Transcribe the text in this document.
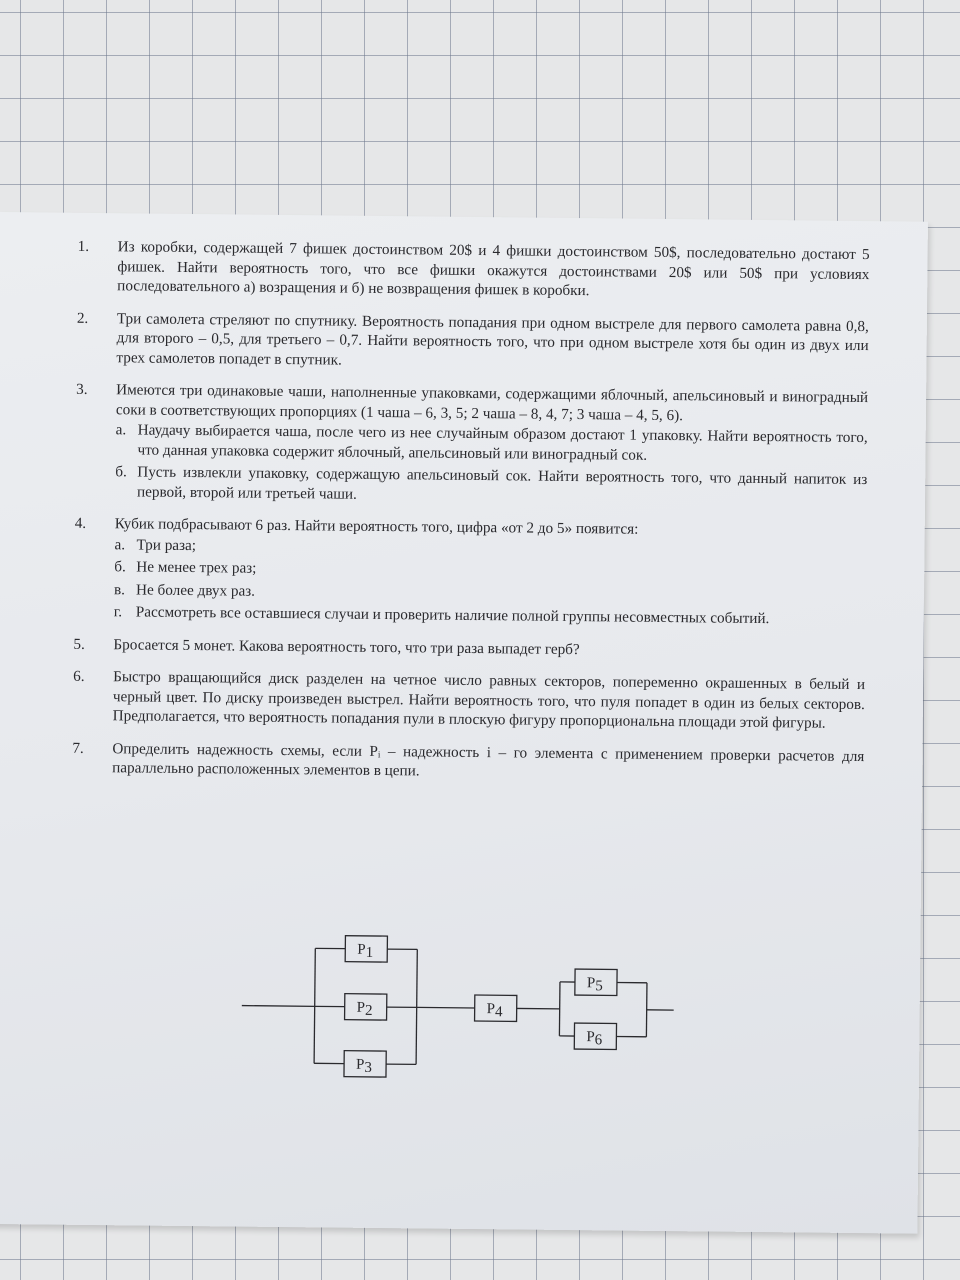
1. Из коробки, содержащей 7 фишек достоинством 20$ и 4 фишки достоинством 50$, последовательно достают 5 фишек. Найти вероятность того, что все фишки окажутся достоинствами 20$ или 50$ при условиях последовательного а) возращения и б) не возвращения фишек в коробки.
2. Три самолета стреляют по спутнику. Вероятность попадания при одном выстреле для первого самолета равна 0,8, для второго – 0,5, для третьего – 0,7. Найти вероятность того, что при одном выстреле хотя бы один из двух или трех самолетов попадет в спутник.
3. Имеются три одинаковые чаши, наполненные упаковками, содержащими яблочный, апельсиновый и виноградный соки в соответствующих пропорциях (1 чаша – 6, 3, 5; 2 чаша – 8, 4, 7; 3 чаша – 4, 5, 6).
а. Наудачу выбирается чаша, после чего из нее случайным образом достают 1 упаковку. Найти вероятность того, что данная упаковка содержит яблочный, апельсиновый или виноградный сок.
б. Пусть извлекли упаковку, содержащую апельсиновый сок. Найти вероятность того, что данный напиток из первой, второй или третьей чаши.
4. Кубик подбрасывают 6 раз. Найти вероятность того, цифра «от 2 до 5» появится:
а. Три раза;
б. Не менее трех раз;
в. Не более двух раз.
г. Рассмотреть все оставшиеся случаи и проверить наличие полной группы несовместных событий.
5. Бросается 5 монет. Какова вероятность того, что три раза выпадет герб?
6. Быстро вращающийся диск разделен на четное число равных секторов, попеременно окрашенных в белый и черный цвет. По диску произведен выстрел. Найти вероятность того, что пуля попадет в один из белых секторов. Предполагается, что вероятность попадания пули в плоскую фигуру пропорциональна площади этой фигуры.
7. Определить надежность схемы, если Pᵢ – надежность i – го элемента с применением проверки расчетов для параллельно расположенных элементов в цепи.
P1
P2
P3
P4
P5
P6
